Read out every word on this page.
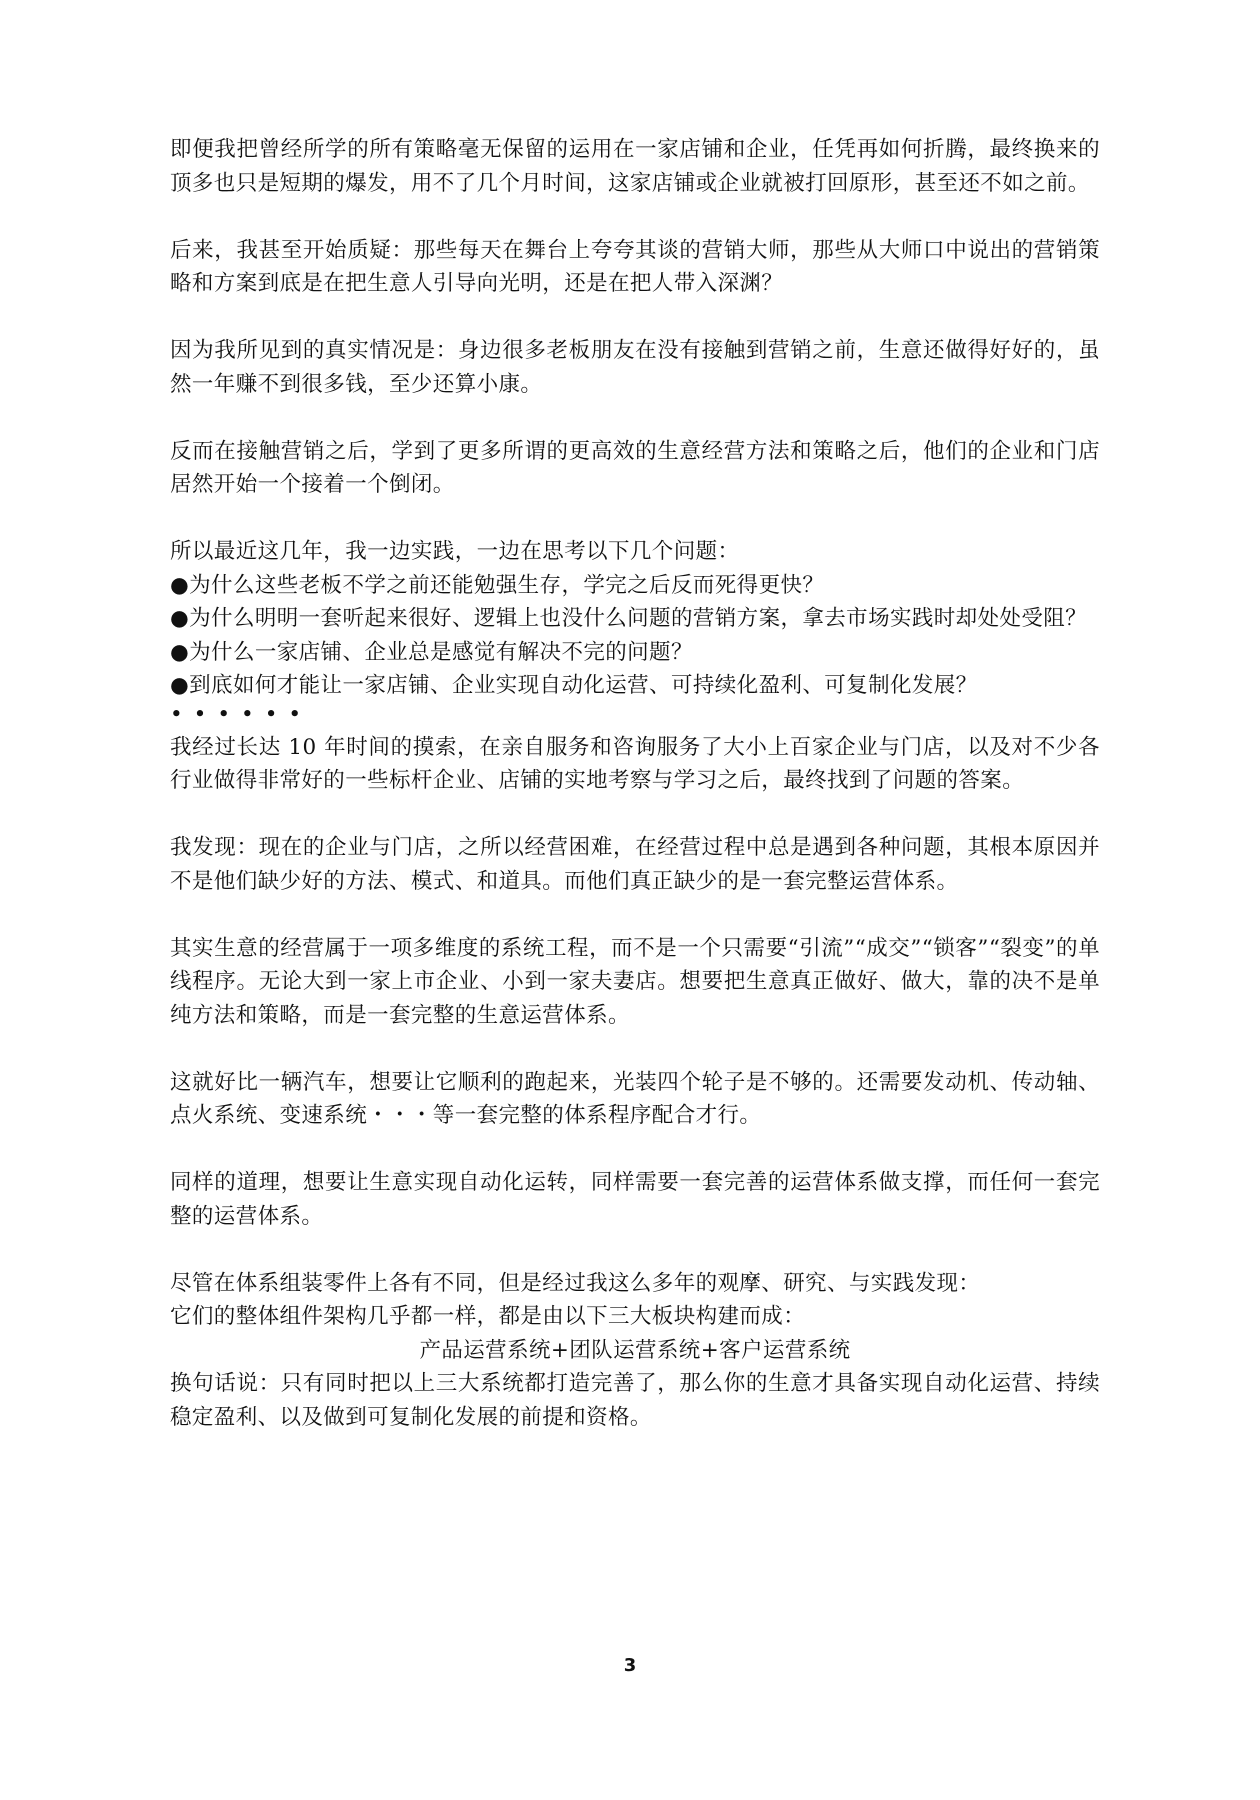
即便我把曾经所学的所有策略毫无保留的运用在一家店铺和企业，任凭再如何折腾，最终换来的顶多也只是短期的爆发，用不了几个月时间，这家店铺或企业就被打回原形，甚至还不如之前。

后来，我甚至开始质疑：那些每天在舞台上夸夸其谈的营销大师，那些从大师口中说出的营销策略和方案到底是在把生意人引导向光明，还是在把人带入深渊？

因为我所见到的真实情况是：身边很多老板朋友在没有接触到营销之前，生意还做得好好的，虽然一年赚不到很多钱，至少还算小康。

反而在接触营销之后，学到了更多所谓的更高效的生意经营方法和策略之后，他们的企业和门店居然开始一个接着一个倒闭。

所以最近这几年，我一边实践，一边在思考以下几个问题：

●为什么这些老板不学之前还能勉强生存，学完之后反而死得更快？

●为什么明明一套听起来很好、逻辑上也没什么问题的营销方案，拿去市场实践时却处处受阻？

●为什么一家店铺、企业总是感觉有解决不完的问题？

●到底如何才能让一家店铺、企业实现自动化运营、可持续化盈利、可复制化发展？

••••••

我经过长达 10 年时间的摸索，在亲自服务和咨询服务了大小上百家企业与门店，以及对不少各行业做得非常好的一些标杆企业、店铺的实地考察与学习之后，最终找到了问题的答案。

我发现：现在的企业与门店，之所以经营困难，在经营过程中总是遇到各种问题，其根本原因并不是他们缺少好的方法、模式、和道具。而他们真正缺少的是一套完整运营体系。

其实生意的经营属于一项多维度的系统工程，而不是一个只需要“引流”“成交”“锁客”“裂变”的单线程序。无论大到一家上市企业、小到一家夫妻店。想要把生意真正做好、做大，靠的决不是单纯方法和策略，而是一套完整的生意运营体系。

这就好比一辆汽车，想要让它顺利的跑起来，光装四个轮子是不够的。还需要发动机、传动轴、点火系统、变速系统・・・等一套完整的体系程序配合才行。

同样的道理，想要让生意实现自动化运转，同样需要一套完善的运营体系做支撑，而任何一套完整的运营体系。

尽管在体系组装零件上各有不同，但是经过我这么多年的观摩、研究、与实践发现：

它们的整体组件架构几乎都一样，都是由以下三大板块构建而成：

产品运营系统+团队运营系统+客户运营系统

换句话说：只有同时把以上三大系统都打造完善了，那么你的生意才具备实现自动化运营、持续稳定盈利、以及做到可复制化发展的前提和资格。

3
